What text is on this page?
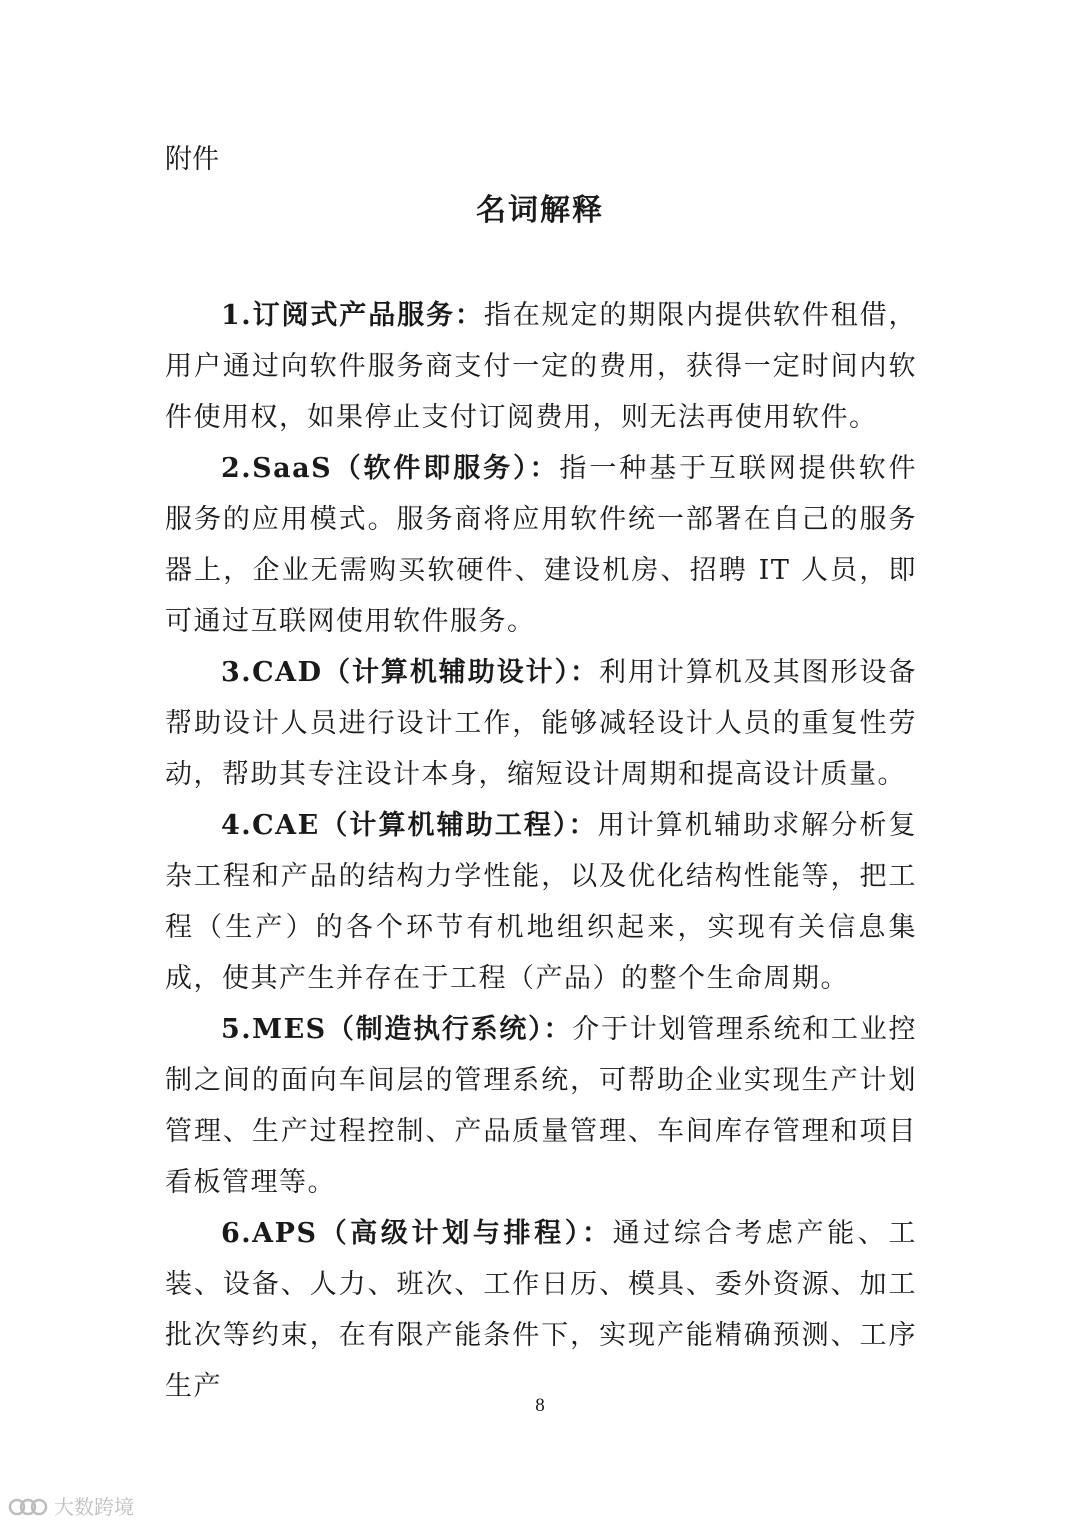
附件
名词解释

1.订阅式产品服务：指在规定的期限内提供软件租借，用户通过向软件服务商支付一定的费用，获得一定时间内软件使用权，如果停止支付订阅费用，则无法再使用软件。

2.SaaS（软件即服务）：指一种基于互联网提供软件服务的应用模式。服务商将应用软件统一部署在自己的服务器上，企业无需购买软硬件、建设机房、招聘 IT 人员，即可通过互联网使用软件服务。

3.CAD（计算机辅助设计）：利用计算机及其图形设备帮助设计人员进行设计工作，能够减轻设计人员的重复性劳动，帮助其专注设计本身，缩短设计周期和提高设计质量。

4.CAE（计算机辅助工程）：用计算机辅助求解分析复杂工程和产品的结构力学性能，以及优化结构性能等，把工程（生产）的各个环节有机地组织起来，实现有关信息集成，使其产生并存在于工程（产品）的整个生命周期。

5.MES（制造执行系统）：介于计划管理系统和工业控制之间的面向车间层的管理系统，可帮助企业实现生产计划管理、生产过程控制、产品质量管理、车间库存管理和项目看板管理等。

6.APS（高级计划与排程）：通过综合考虑产能、工装、设备、人力、班次、工作日历、模具、委外资源、加工批次等约束，在有限产能条件下，实现产能精确预测、工序生产

8
大数跨境
